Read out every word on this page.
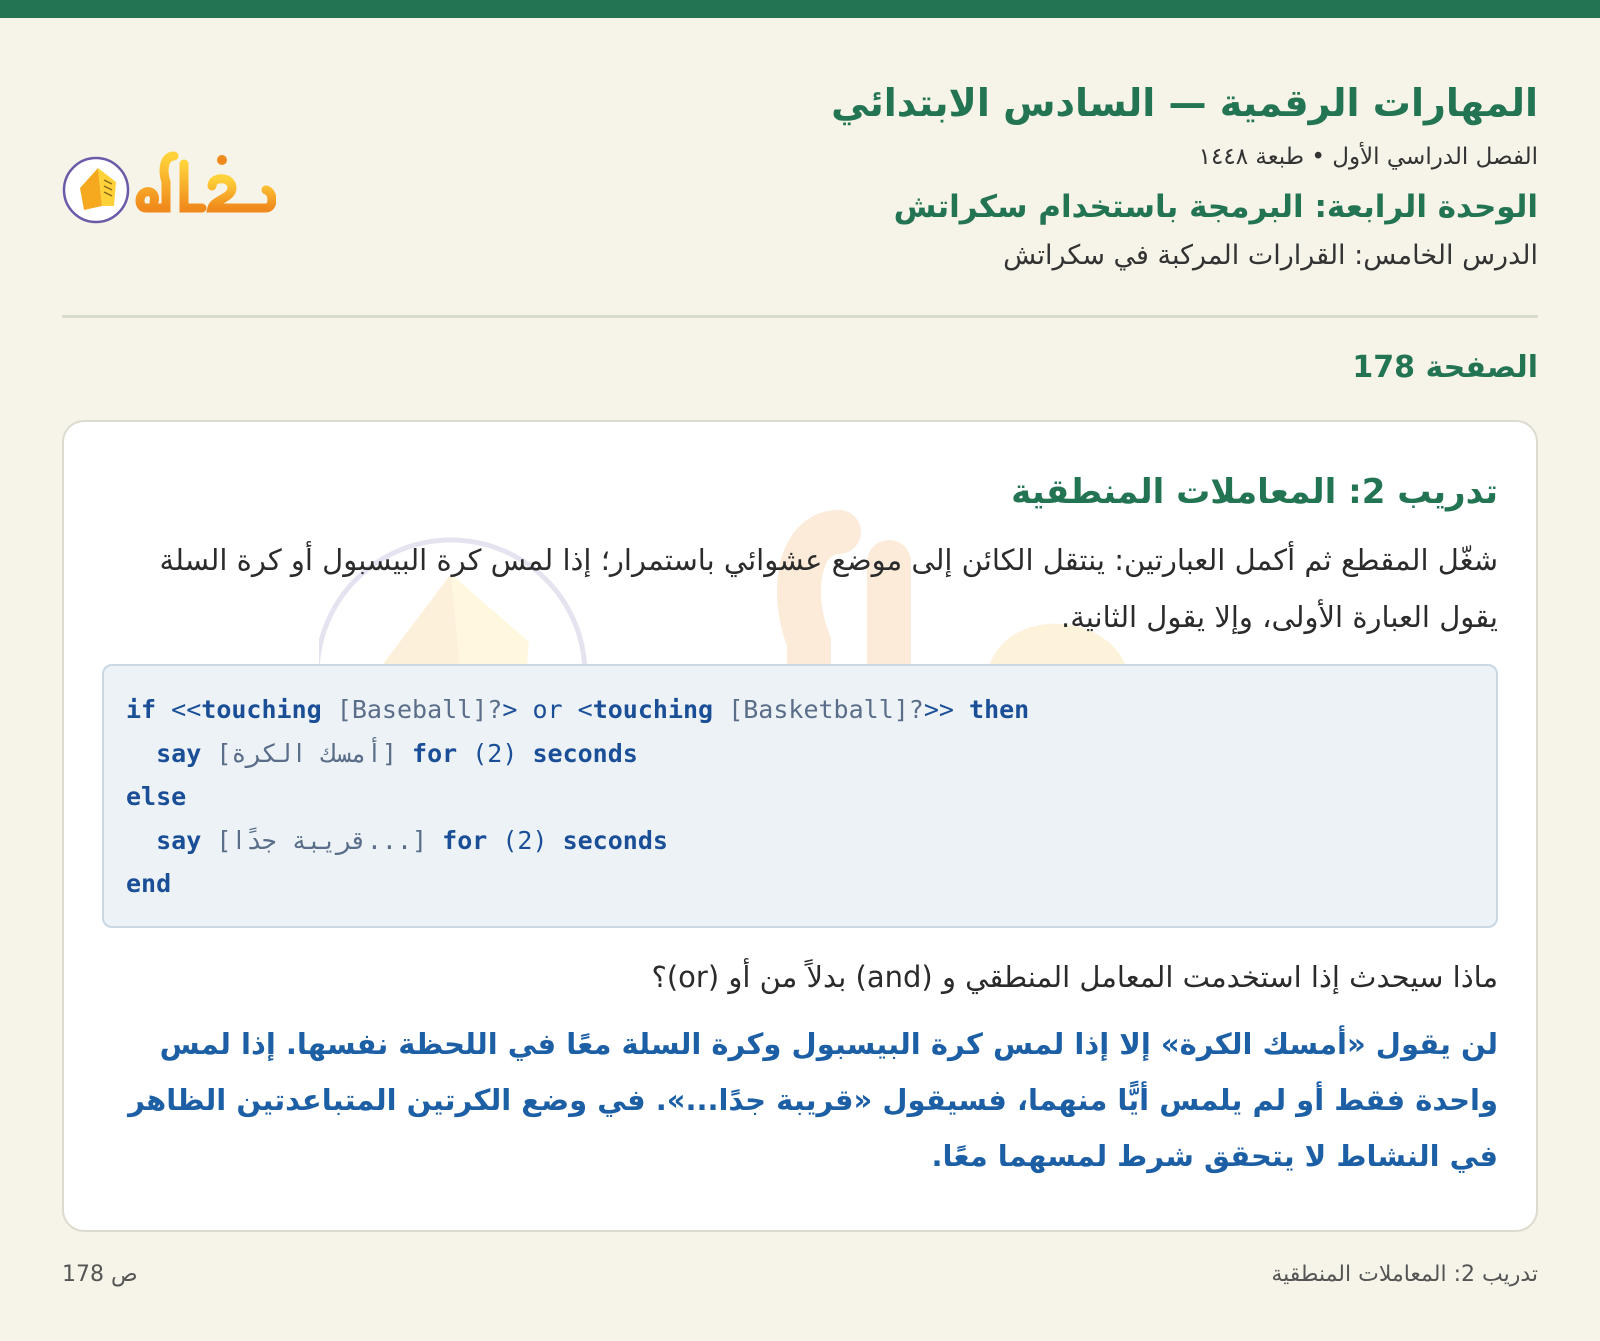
المهارات الرقمية — السادس الابتدائي
الفصل الدراسي الأول • طبعة ١٤٤٨
الوحدة الرابعة: البرمجة باستخدام سكراتش
الدرس الخامس: القرارات المركبة في سكراتش
الصفحة 178
تدريب 2: المعاملات المنطقية
شغّل المقطع ثم أكمل العبارتين: ينتقل الكائن إلى موضع عشوائي باستمرار؛ إذا لمس كرة البيسبول أو كرة السلة يقول العبارة الأولى، وإلا يقول الثانية.
if <<touching [Baseball]?> or <touching [Basketball]?>> then
say [أمسك الكرة] for (2) seconds
else
say [قريبة جدًا...] for (2) seconds
end
ماذا سيحدث إذا استخدمت المعامل المنطقي و (and) بدلاً من أو (or)؟
لن يقول «أمسك الكرة» إلا إذا لمس كرة البيسبول وكرة السلة معًا في اللحظة نفسها. إذا لمس واحدة فقط أو لم يلمس أيًّا منهما، فسيقول «قريبة جدًا...». في وضع الكرتين المتباعدتين الظاهر في النشاط لا يتحقق شرط لمسهما معًا.
ص 178	تدريب 2: المعاملات المنطقية
